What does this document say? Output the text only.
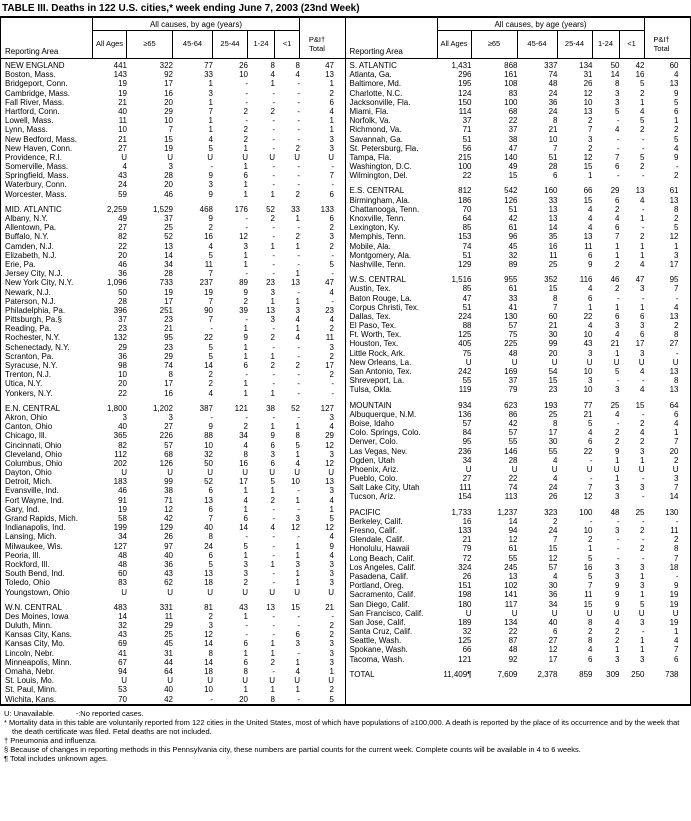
TABLE III. Deaths in 122 U.S. cities,* week ending June 7, 2003 (23nd Week)
Reporting Area
All causes, by age (years)
All Ages	≥65	45-64	25-44	1-24	<1	P&I† Total
NEW ENGLAND	441	322	77	26	8	8	47
Boston, Mass.	143	92	33	10	4	4	13
Bridgeport, Conn.	19	17	1	-	1	-	1
Cambridge, Mass.	19	16	3	-	-	-	2
Fall River, Mass.	21	20	1	-	-	-	6
Hartford, Conn.	40	29	7	2	2	-	4
Lowell, Mass.	11	10	1	-	-	-	1
Lynn, Mass.	10	7	1	2	-	-	1
New Bedford, Mass.	21	15	4	2	-	-	3
New Haven, Conn.	27	19	5	1	-	2	3
Providence, R.I.	U	U	U	U	U	U	U
Somerville, Mass.	4	3	-	1	-	-	-
Springfield, Mass.	43	28	9	6	-	-	7
Waterbury, Conn.	24	20	3	1	-	-	-
Worcester, Mass.	59	46	9	1	1	2	6
MID. ATLANTIC	2,259	1,529	468	176	52	33	133
Albany, N.Y.	49	37	9	-	2	1	6
Allentown, Pa.	27	25	2	-	-	-	2
Buffalo, N.Y.	82	52	16	12	-	2	3
Camden, N.J.	22	13	4	3	1	1	2
Elizabeth, N.J.	20	14	5	1	-	-	-
Erie, Pa.	46	34	11	1	-	-	5
Jersey City, N.J.	36	28	7	-	-	1	-
New York City, N.Y.	1,096	733	237	89	23	13	47
Newark, N.J.	50	19	19	9	3	-	4
Paterson, N.J.	28	17	7	2	1	1	-
Philadelphia, Pa.	396	251	90	39	13	3	23
Pittsburgh, Pa.§	37	23	7	-	3	4	4
Reading, Pa.	23	21	-	1	-	1	2
Rochester, N.Y.	132	95	22	9	2	4	11
Schenectady, N.Y.	29	23	5	1	-	-	3
Scranton, Pa.	36	29	5	1	1	-	2
Syracuse, N.Y.	98	74	14	6	2	2	17
Trenton, N.J.	10	8	2	-	-	-	2
Utica, N.Y.	20	17	2	1	-	-	-
Yonkers, N.Y.	22	16	4	1	1	-	-
E.N. CENTRAL	1,800	1,202	387	121	38	52	127
Akron, Ohio	3	3	-	-	-	-	3
Canton, Ohio	40	27	9	2	1	1	4
Chicago, Ill.	365	226	88	34	9	8	29
Cincinnati, Ohio	82	57	10	4	6	5	12
Cleveland, Ohio	112	68	32	8	3	1	3
Columbus, Ohio	202	126	50	16	6	4	12
Dayton, Ohio	U	U	U	U	U	U	U
Detroit, Mich.	183	99	52	17	5	10	13
Evansville, Ind.	46	38	6	1	1	-	3
Fort Wayne, Ind.	91	71	13	4	2	1	4
Gary, Ind.	19	12	6	1	-	-	1
Grand Rapids, Mich.	58	42	7	6	-	3	5
Indianapolis, Ind.	199	129	40	14	4	12	12
Lansing, Mich.	34	26	8	-	-	-	4
Milwaukee, Wis.	127	97	24	5	-	1	9
Peoria, Ill.	48	40	6	1	-	1	4
Rockford, Ill.	48	36	5	3	1	3	3
South Bend, Ind.	60	43	13	3	-	1	3
Toledo, Ohio	83	62	18	2	-	1	3
Youngstown, Ohio	U	U	U	U	U	U	U
W.N. CENTRAL	483	331	81	43	13	15	21
Des Moines, Iowa	14	11	2	1	-	-	-
Duluth, Minn.	32	29	3	-	-	-	2
Kansas City, Kans.	43	25	12	-	-	6	2
Kansas City, Mo.	69	45	14	6	1	3	3
Lincoln, Nebr.	41	31	8	1	1	-	3
Minneapolis, Minn.	67	44	14	6	2	1	3
Omaha, Nebr.	94	64	18	8	-	4	1
St. Louis, Mo.	U	U	U	U	U	U	U
St. Paul, Minn.	53	40	10	1	1	1	2
Wichita, Kans.	70	42	-	20	8	-	5
Reporting Area
All causes, by age (years)
All Ages	≥65	45-64	25-44	1-24	<1	P&I† Total
S. ATLANTIC	1,431	868	337	134	50	42	60
Atlanta, Ga.	296	161	74	31	14	16	4
Baltimore, Md.	195	108	48	26	8	5	13
Charlotte, N.C.	124	83	24	12	3	2	9
Jacksonville, Fla.	150	100	36	10	3	1	5
Miami, Fla.	114	68	24	13	5	4	6
Norfolk, Va.	37	22	8	2	-	5	1
Richmond, Va.	71	37	21	7	4	2	2
Savannah, Ga.	51	38	10	3	-	-	5
St. Petersburg, Fla.	56	47	7	2	-	-	4
Tampa, Fla.	215	140	51	12	7	5	9
Washington, D.C.	100	49	28	15	6	2	-
Wilmington, Del.	22	15	6	1	-	-	2
E.S. CENTRAL	812	542	160	66	29	13	61
Birmingham, Ala.	186	126	33	15	6	4	13
Chattanooga, Tenn.	70	51	13	4	2	-	8
Knoxville, Tenn.	64	42	13	4	4	1	2
Lexington, Ky.	85	61	14	4	6	-	5
Memphis, Tenn.	153	96	35	13	7	2	12
Mobile, Ala.	74	45	16	11	1	1	1
Montgomery, Ala.	51	32	11	6	1	1	3
Nashville, Tenn.	129	89	25	9	2	4	17
W.S. CENTRAL	1,516	955	352	116	46	47	95
Austin, Tex.	85	61	15	4	2	3	7
Baton Rouge, La.	47	33	8	6	-	-	-
Corpus Christi, Tex.	51	41	7	1	1	1	4
Dallas, Tex.	224	130	60	22	6	6	13
El Paso, Tex.	88	57	21	4	3	3	2
Ft. Worth, Tex.	125	75	30	10	4	6	8
Houston, Tex.	405	225	99	43	21	17	27
Little Rock, Ark.	75	48	20	3	1	3	-
New Orleans, La.	U	U	U	U	U	U	U
San Antonio, Tex.	242	169	54	10	5	4	13
Shreveport, La.	55	37	15	3	-	-	8
Tulsa, Okla.	119	79	23	10	3	4	13
MOUNTAIN	934	623	193	77	25	15	64
Albuquerque, N.M.	136	86	25	21	4	-	6
Boise, Idaho	57	42	8	5	-	2	4
Colo. Springs, Colo.	84	57	17	4	2	4	1
Denver, Colo.	95	55	30	6	2	2	7
Las Vegas, Nev.	236	146	55	22	9	3	20
Ogden, Utah	34	28	4	-	1	1	2
Phoenix, Ariz.	U	U	U	U	U	U	U
Pueblo, Colo.	27	22	4	-	1	-	3
Salt Lake City, Utah	111	74	24	7	3	3	7
Tucson, Ariz.	154	113	26	12	3	-	14
PACIFIC	1,733	1,237	323	100	48	25	130
Berkeley, Calif.	16	14	2	-	-	-	-
Fresno, Calif.	133	94	24	10	3	2	11
Glendale, Calif.	21	12	7	2	-	-	2
Honolulu, Hawaii	79	61	15	1	-	2	8
Long Beach, Calif.	72	55	12	5	-	-	7
Los Angeles, Calif.	324	245	57	16	3	3	18
Pasadena, Calif.	26	13	4	5	3	1	-
Portland, Oreg.	151	102	30	7	9	3	9
Sacramento, Calif.	198	141	36	11	9	1	19
San Diego, Calif.	180	117	34	15	9	5	19
San Francisco, Calif.	U	U	U	U	U	U	U
San Jose, Calif.	189	134	40	8	4	3	19
Santa Cruz, Calif.	32	22	6	2	2	-	1
Seattle, Wash.	125	87	27	8	2	1	4
Spokane, Wash.	66	48	12	4	1	1	7
Tacoma, Wash.	121	92	17	6	3	3	6
TOTAL	11,409¶	7,609	2,378	859	309	250	738
U: Unavailable.          -:No reported cases.
* Mortality data in this table are voluntarily reported from 122 cities in the United States, most of which have populations of ≥100,000. A death is reported by the place of its occurrence and by the week that the death certificate was filed. Fetal deaths are not included.
† Pneumonia and influenza.
§ Because of changes in reporting methods in this Pennsylvania city, these numbers are partial counts for the current week. Complete counts will be available in 4 to 6 weeks.
¶ Total includes unknown ages.
